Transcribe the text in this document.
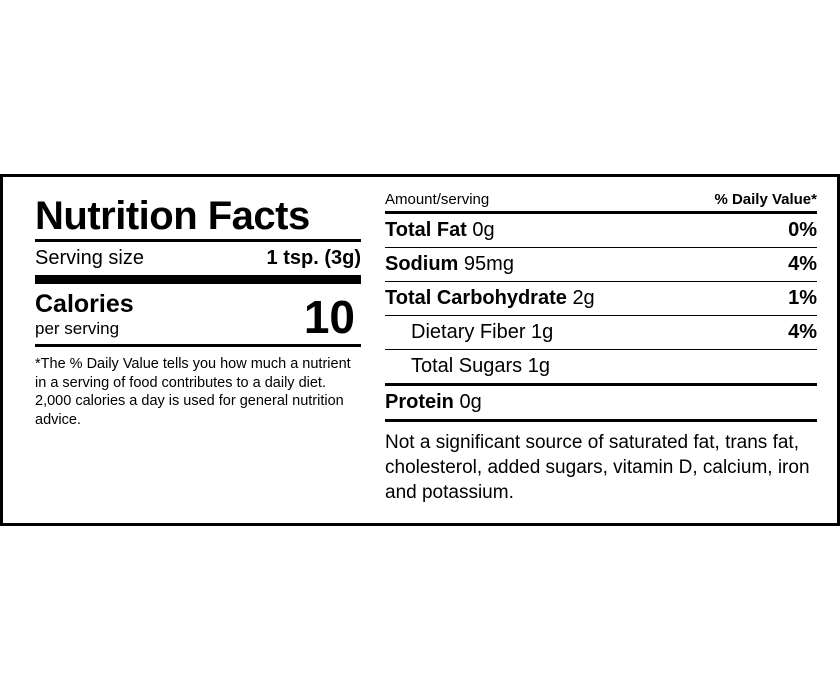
Nutrition Facts
Serving size	1 tsp. (3g)
Calories
per serving	10
*The % Daily Value tells you how much a nutrient in a serving of food contributes to a daily diet. 2,000 calories a day is used for general nutrition advice.
Amount/serving	% Daily Value*
Total Fat 0g	0%
Sodium 95mg	4%
Total Carbohydrate 2g	1%
Dietary Fiber 1g	4%
Total Sugars 1g
Protein 0g
Not a significant source of saturated fat, trans fat, cholesterol, added sugars, vitamin D, calcium, iron and potassium.
